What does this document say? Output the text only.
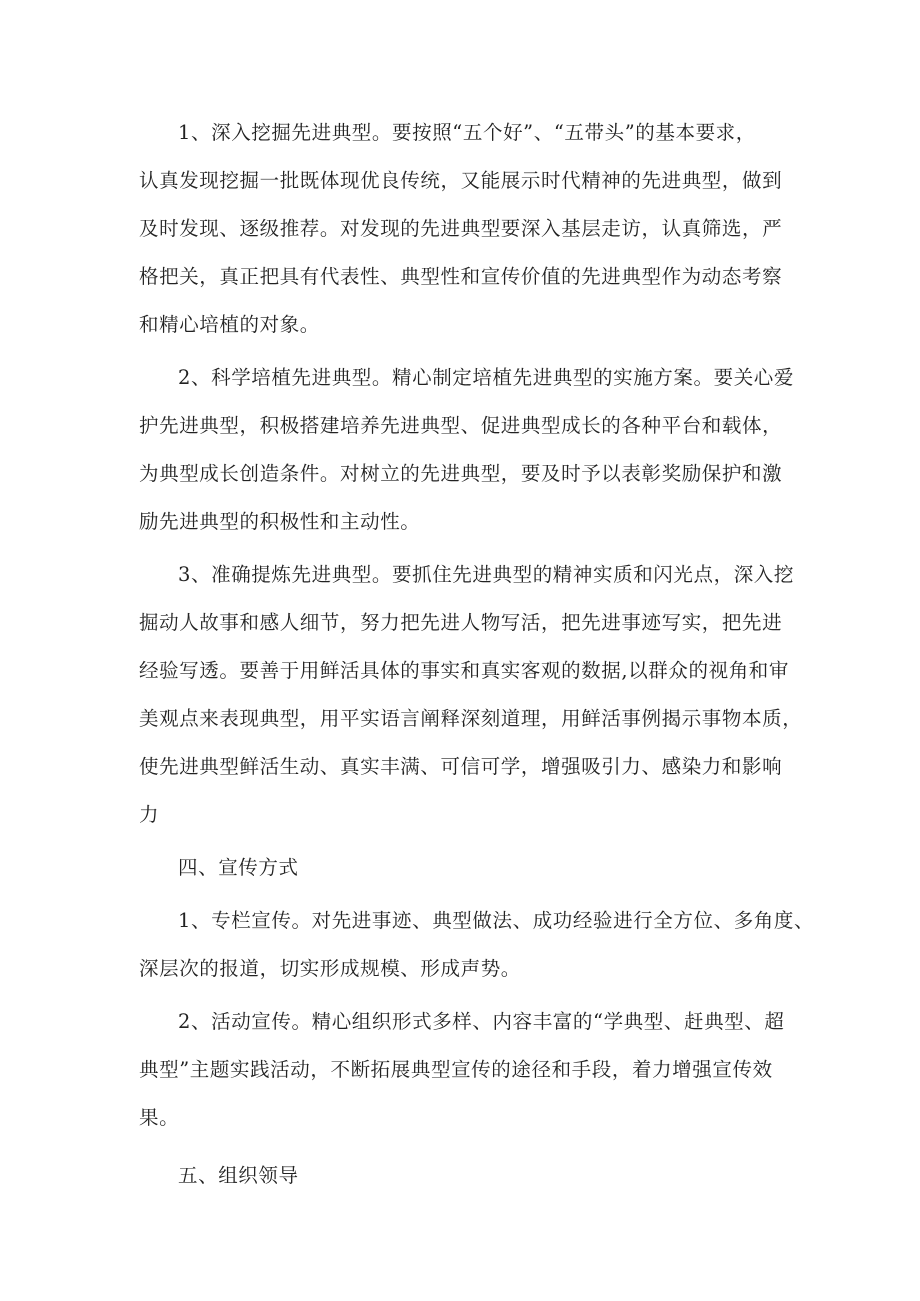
1、深入挖掘先进典型。要按照“五个好”、“五带头”的基本要求，

认真发现挖掘一批既体现优良传统，又能展示时代精神的先进典型，做到

及时发现、逐级推荐。对发现的先进典型要深入基层走访，认真筛选，严

格把关，真正把具有代表性、典型性和宣传价值的先进典型作为动态考察

和精心培植的对象。

2、科学培植先进典型。精心制定培植先进典型的实施方案。要关心爱

护先进典型，积极搭建培养先进典型、促进典型成长的各种平台和载体，

为典型成长创造条件。对树立的先进典型，要及时予以表彰奖励保护和激

励先进典型的积极性和主动性。

3、准确提炼先进典型。要抓住先进典型的精神实质和闪光点，深入挖

掘动人故事和感人细节，努力把先进人物写活，把先进事迹写实，把先进

经验写透。要善于用鲜活具体的事实和真实客观的数据,以群众的视角和审

美观点来表现典型，用平实语言阐释深刻道理，用鲜活事例揭示事物本质，

使先进典型鲜活生动、真实丰满、可信可学，增强吸引力、感染力和影响

力

四、宣传方式

1、专栏宣传。对先进事迹、典型做法、成功经验进行全方位、多角度、

深层次的报道，切实形成规模、形成声势。

2、活动宣传。精心组织形式多样、内容丰富的“学典型、赶典型、超

典型”主题实践活动，不断拓展典型宣传的途径和手段，着力增强宣传效

果。

五、组织领导
